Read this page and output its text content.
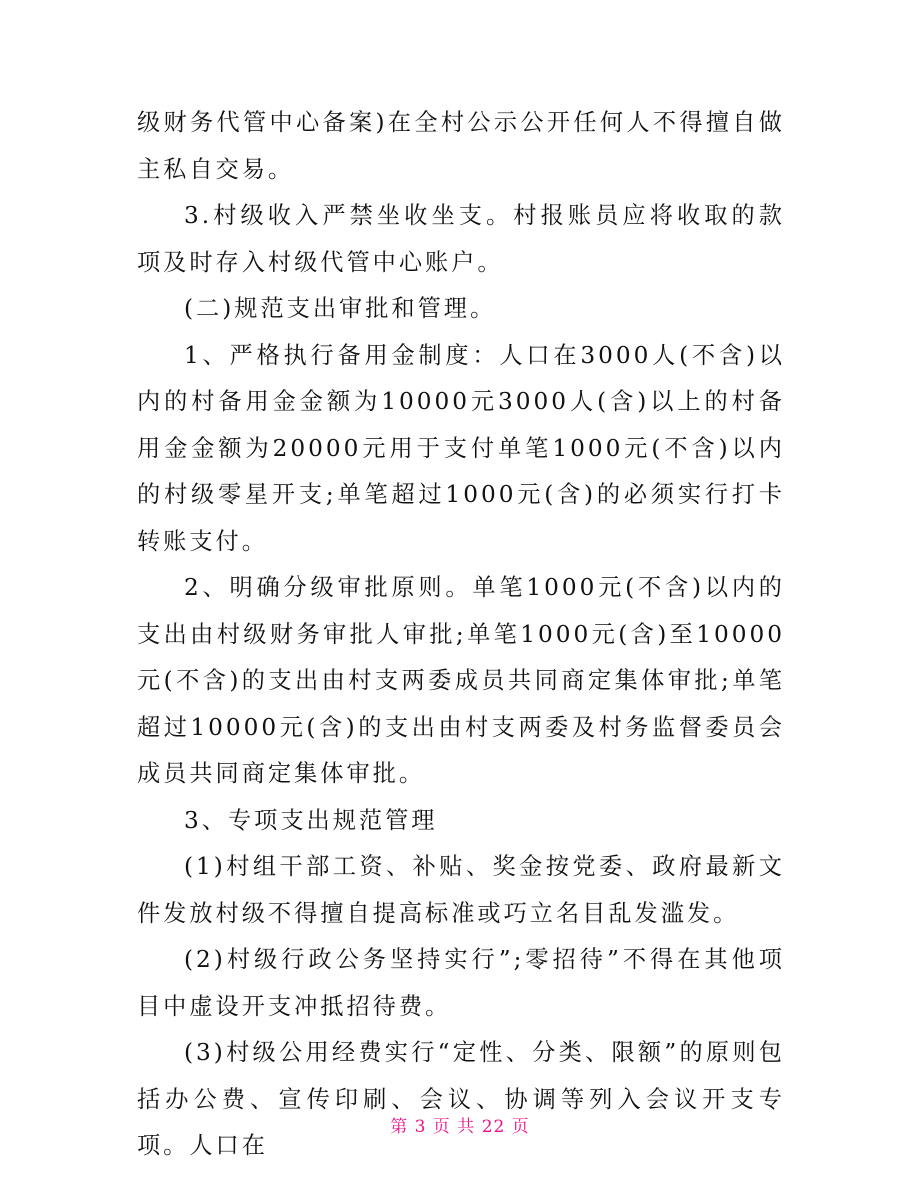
级财务代管中心备案)在全村公示公开任何人不得擅自做主私自交易。

3.村级收入严禁坐收坐支。村报账员应将收取的款项及时存入村级代管中心账户。

(二)规范支出审批和管理。

1、严格执行备用金制度：人口在3000人(不含)以内的村备用金金额为10000元3000人(含)以上的村备用金金额为20000元用于支付单笔1000元(不含)以内的村级零星开支;单笔超过1000元(含)的必须实行打卡转账支付。

2、明确分级审批原则。单笔1000元(不含)以内的支出由村级财务审批人审批;单笔1000元(含)至10000元(不含)的支出由村支两委成员共同商定集体审批;单笔超过10000元(含)的支出由村支两委及村务监督委员会成员共同商定集体审批。

3、专项支出规范管理

(1)村组干部工资、补贴、奖金按党委、政府最新文件发放村级不得擅自提高标准或巧立名目乱发滥发。

(2)村级行政公务坚持实行”;零招待”不得在其他项目中虚设开支冲抵招待费。

(3)村级公用经费实行“定性、分类、限额”的原则包括办公费、宣传印刷、会议、协调等列入会议开支专项。人口在

第 3 页 共 22 页
